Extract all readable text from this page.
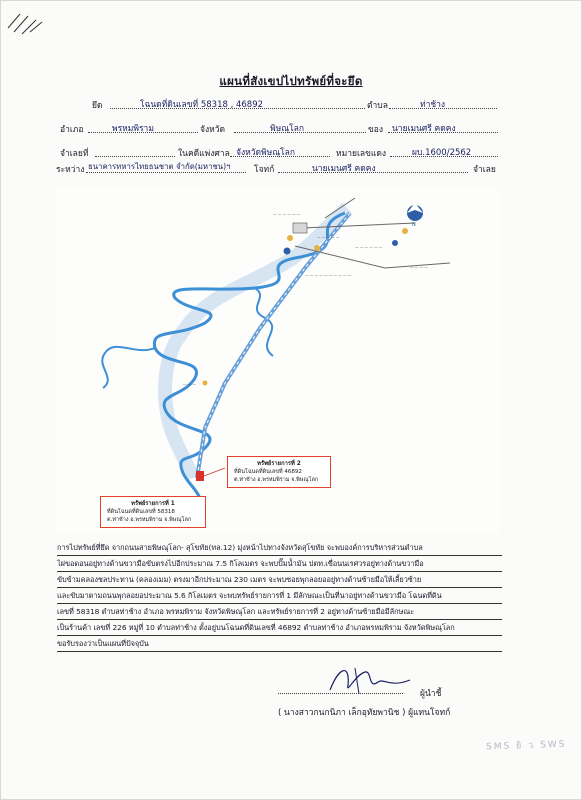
แผนที่สังเขปไปทรัพย์ที่จะยึด
ยึด	โฉนดที่ดินเลขที่ 58318 , 46892	ตำบล	ท่าช้าง
อำเภอ	พรหมพิราม	จังหวัด	พิษณุโลก	ของ นายเมนศรี คดคง
จำเลยที่	ในคดีแพ่งศาล จังหวัดพิษณุโลก	หมายเลขแดง	ผบ.1600/2562
ระหว่าง ธนาคารทหารไทยธนชาต จำกัด(มหาชน)ฯ	โจทก์	นายเมนศรี คดคง	จำเลย
— — — — — —
— — — — —
— — — — — —
— — — — — — — — — —
— — — —
— — —
N
ทรัพย์รายการที่ 2
ที่ดินโฉนดที่ดินเลขที่ 46892
ต.ท่าช้าง อ.พรหมพิราม จ.พิษณุโลก
ทรัพย์รายการที่ 1
ที่ดินโฉนดที่ดินเลขที่ 58318
ต.ท่าช้าง อ.พรหมพิราม จ.พิษณุโลก
การไปทรัพย์ที่ยึด จากถนนสายพิษณุโลก- สุโขทัย(ทล.12) มุ่งหน้าไปทางจังหวัดสุโขทัย จะพบองค์การบริหารส่วนตำบล
ไผ่ขอดอนอยู่ทางด้านขวามือขับตรงไปอีกประมาณ 7.5 กิโลเมตร จะพบปั๊มน้ำมัน ปตท.เขื่อนนเรศวรอยู่ทางด้านขวามือ
ขับข้ามคลองชลประทาน (คลองเมม) ตรงมาอีกประมาณ 230 เมตร จะพบซอยพุกลอยออยู่ทางด้านซ้ายมือให้เลี้ยวซ้าย
และขับมาตามถนนพุกลอยอประมาณ 5.6 กิโลเมตร จะพบทรัพย์รายการที่ 1 มีลักษณะเป็นที่นาอยู่ทางด้านขวามือ โฉนดที่ดิน
เลขที่ 58318 ตำบลท่าช้าง อำเภอ พรหมพิราม จังหวัดพิษณุโลก และทรัพย์รายการที่ 2 อยู่ทางด้านซ้ายมือมีลักษณะ
เป็นร้านค้า เลขที่ 226 หมู่ที่ 10 ตำบลท่าช้าง ตั้งอยู่บนโฉนดที่ดินเลขที่ 46892 ตำบลท่าช้าง อำเภอพรหมพิราม จังหวัดพิษณุโลก
ขอรับรองว่าเป็นแผนที่ปัจจุบัน
ผู้นำชี้
( นางสาวกนกนิภา เล็กอุทัยพานิช ) ผู้แทนโจทก์
SMS ยิ ว SWS
